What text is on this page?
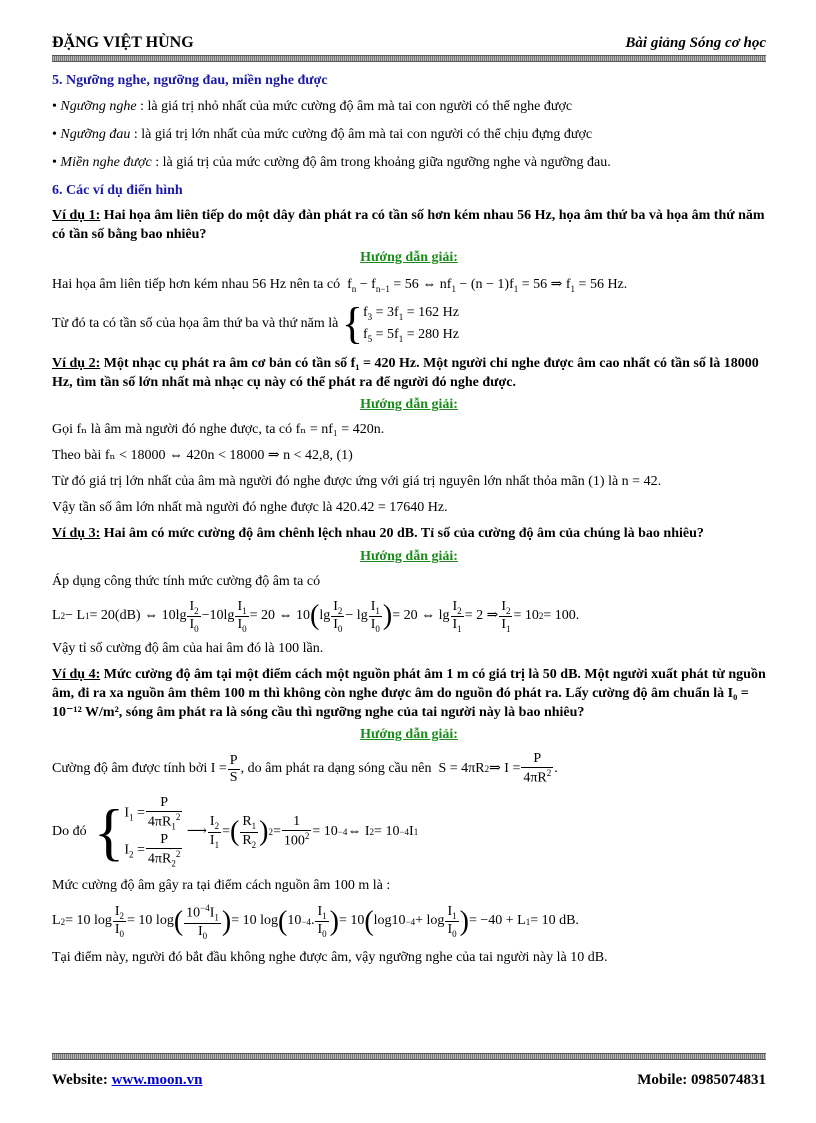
ĐẶNG VIỆT HÙNG	Bài giảng Sóng cơ học
5. Ngưỡng nghe, ngưỡng đau, miền nghe được

• Ngưỡng nghe : là giá trị nhỏ nhất của mức cường độ âm mà tai con người có thể nghe được

• Ngưỡng đau : là giá trị lớn nhất của mức cường độ âm mà tai con người có thể chịu đựng được

• Miền nghe được : là giá trị của mức cường độ âm trong khoảng giữa ngưỡng nghe và ngưỡng đau.

6. Các ví dụ điển hình
Ví dụ 1: Hai họa âm liên tiếp do một dây đàn phát ra có tần số hơn kém nhau 56 Hz, họa âm thứ ba và họa âm thứ năm có tần số bằng bao nhiêu?
Hướng dẫn giải:

Hai họa âm liên tiếp hơn kém nhau 56 Hz nên ta có $f_n - f_{n-1} = 56$ ⇔ $nf_1 - (n - 1)f_1 = 56$ ⇒ $f_1 = 56$ Hz.

Từ đó ta có tần số của họa âm thứ ba và thứ năm là
{ $f_3 = 3f_1 = 162$ Hz
$f_5 = 5f_1 = 280$ Hz
Ví dụ 2: Một nhạc cụ phát ra âm cơ bản có tần số f₁ = 420 Hz. Một người chỉ nghe được âm cao nhất có tần số là 18000 Hz, tìm tần số lớn nhất mà nhạc cụ này có thể phát ra để người đó nghe được.
Hướng dẫn giải:

Gọi fₙ là âm mà người đó nghe được, ta có fₙ = nf₁ = 420n.

Theo bài fₙ < 18000 ⇔ 420n < 18000 ⇒ n < 42,8, (1)

Từ đó giá trị lớn nhất của âm mà người đó nghe được ứng với giá trị nguyên lớn nhất thỏa mãn (1) là n = 42.

Vậy tần số âm lớn nhất mà người đó nghe được là 420.42 = 17640 Hz.

Ví dụ 3: Hai âm có mức cường độ âm chênh lệch nhau 20 dB. Tỉ số của cường độ âm của chúng là bao nhiêu?
Hướng dẫn giải:

Áp dụng công thức tính mức cường độ âm ta có

L 2 − L 1 = 20(dB) ⇔ $10\lg \frac{I_2}{I_0} -10\lg \frac{I_1}{I_0} = 20$ ⇔ 10 ( $\lg \frac{I_2}{I_0} - \lg \frac{I_1}{I_0}$ ) = 20 ⇔ $\lg \frac{I_2}{I_1} = 2$ ⇒ $\frac{I_2}{I_1} = 10$ 2 = 100.

Vậy tỉ số cường độ âm của hai âm đó là 100 lần.

Ví dụ 4: Mức cường độ âm tại một điểm cách một nguồn phát âm 1 m có giá trị là 50 dB. Một người xuất phát từ nguồn âm, đi ra xa nguồn âm thêm 100 m thì không còn nghe được âm do nguồn đó phát ra. Lấy cường độ âm chuẩn là I₀ = 10⁻¹² W/m², sóng âm phát ra là sóng cầu thì ngưỡng nghe của tai người này là bao nhiêu?
Hướng dẫn giải:
Cường độ âm được tính bởi $I = \frac{P}{S}$ , do âm phát ra dạng sóng cầu nên S = 4πR 2 ⇒ $I = \frac{P}{4\pi R^2}$ .
Do đó
{ $I_1 = \frac{P}{4\pi R_1^2}$

$I_2 = \frac{P}{4\pi R_2^2}$
⟶ $\frac{I_2}{I_1}$ = ( $\frac{R_1}{R_2}$ ) $2 = \frac{1}{100^2} = 10 -4$ ⇔ I 2 = 10 −4 I 1

Mức cường độ âm gây ra tại điểm cách nguồn âm 100 m là :

L 2 = 10 $\log \frac{I_2}{I_0} = 10$ log ( $\frac{10^{-4}I_1}{I_0}$ ) = 10 log ( 10 −4 . $\frac{I_1}{I_0}$ ) = 10 ( $\log 10 -4 + \log \frac{I_1}{I_0}$ ) = −40 + L 1 = 10 dB.

Tại điểm này, người đó bắt đầu không nghe được âm, vậy ngưỡng nghe của tai người này là 10 dB.

Website: www.moon.vn	Mobile: 0985074831
